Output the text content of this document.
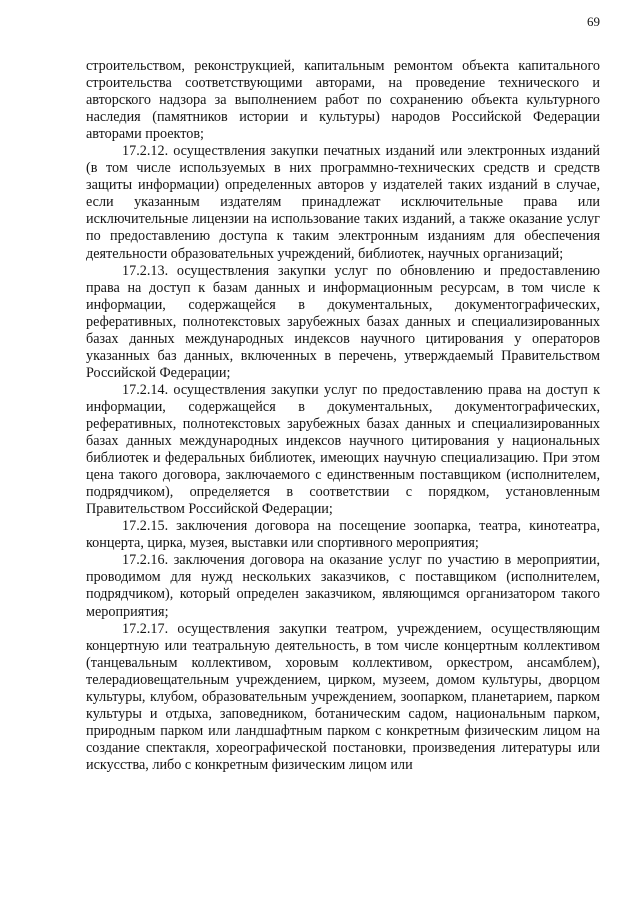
69

строительством, реконструкцией, капитальным ремонтом объекта капитального строительства соответствующими авторами, на проведение технического и авторского надзора за выполнением работ по сохранению объекта культурного наследия (памятников истории и культуры) народов Российской Федерации авторами проектов;

17.2.12. осуществления закупки печатных изданий или электронных изданий (в том числе используемых в них программно-технических средств и средств защиты информации) определенных авторов у издателей таких изданий в случае, если указанным издателям принадлежат исключительные права или исключительные лицензии на использование таких изданий, а также оказание услуг по предоставлению доступа к таким электронным изданиям для обеспечения деятельности образовательных учреждений, библиотек, научных организаций;

17.2.13. осуществления закупки услуг по обновлению и предоставлению права на доступ к базам данных и информационным ресурсам, в том числе к информации, содержащейся в документальных, документографических, реферативных, полнотекстовых зарубежных базах данных и специализированных базах данных международных индексов научного цитирования у операторов указанных баз данных, включенных в перечень, утверждаемый Правительством Российской Федерации;

17.2.14. осуществления закупки услуг по предоставлению права на доступ к информации, содержащейся в документальных, документографических, реферативных, полнотекстовых зарубежных базах данных и специализированных базах данных международных индексов научного цитирования у национальных библиотек и федеральных библиотек, имеющих научную специализацию. При этом цена такого договора, заключаемого с единственным поставщиком (исполнителем, подрядчиком), определяется в соответствии с порядком, установленным Правительством Российской Федерации;

17.2.15. заключения договора на посещение зоопарка, театра, кинотеатра, концерта, цирка, музея, выставки или спортивного мероприятия;

17.2.16. заключения договора на оказание услуг по участию в мероприятии, проводимом для нужд нескольких заказчиков, с поставщиком (исполнителем, подрядчиком), который определен заказчиком, являющимся организатором такого мероприятия;

17.2.17. осуществления закупки театром, учреждением, осуществляющим концертную или театральную деятельность, в том числе концертным коллективом (танцевальным коллективом, хоровым коллективом, оркестром, ансамблем), телерадиовещательным учреждением, цирком, музеем, домом культуры, дворцом культуры, клубом, образовательным учреждением, зоопарком, планетарием, парком культуры и отдыха, заповедником, ботаническим садом, национальным парком, природным парком или ландшафтным парком с конкретным физическим лицом на создание спектакля, хореографической постановки, произведения литературы или искусства, либо с конкретным физическим лицом или
